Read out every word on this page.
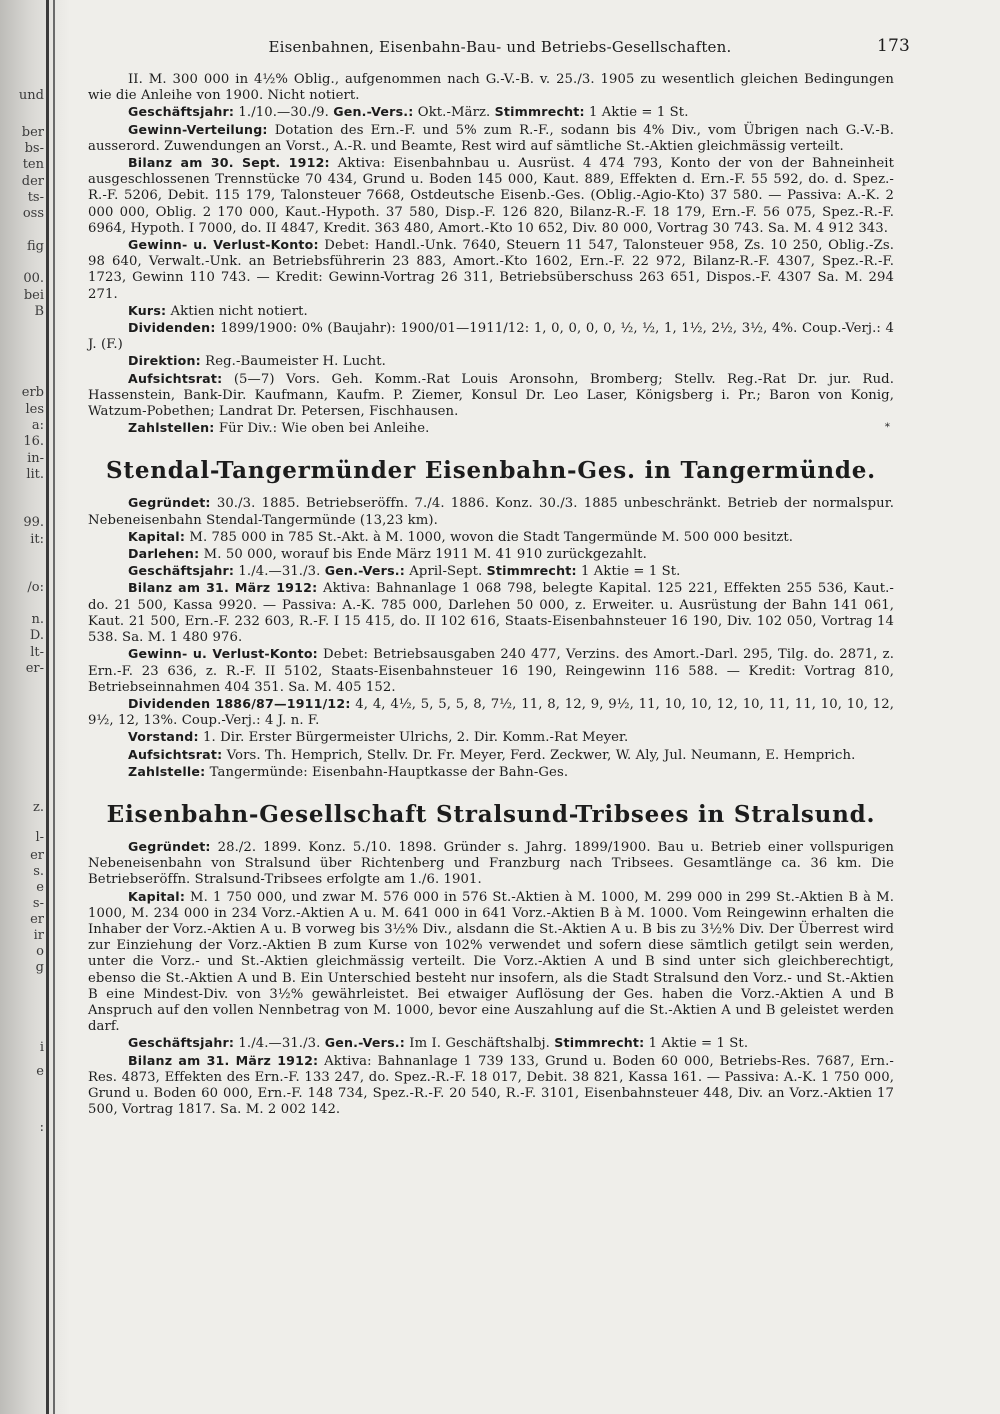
und
ber
bs-
ten
der
ts-
oss
fig
00.
bei
B
erb
les
a:
16.
in-
lit.
99.
it:
/o:
n.
D.
lt-
er-
z.
l-
er
s.
e
s-
er
ir
o
g
i
e
:
Eisenbahnen, Eisenbahn-Bau- und Betriebs-Gesellschaften.	173

II. M. 300 000 in 4½% Oblig., aufgenommen nach G.-V.-B. v. 25./3. 1905 zu wesentlich gleichen Bedingungen wie die Anleihe von 1900. Nicht notiert.

Geschäftsjahr: 1./10.—30./9. Gen.-Vers.: Okt.-März. Stimmrecht: 1 Aktie = 1 St.

Gewinn-Verteilung: Dotation des Ern.-F. und 5% zum R.-F., sodann bis 4% Div., vom Übrigen nach G.-V.-B. ausserord. Zuwendungen an Vorst., A.-R. und Beamte, Rest wird auf sämtliche St.-Aktien gleichmässig verteilt.

Bilanz am 30. Sept. 1912: Aktiva: Eisenbahnbau u. Ausrüst. 4 474 793, Konto der von der Bahneinheit ausgeschlossenen Trennstücke 70 434, Grund u. Boden 145 000, Kaut. 889, Effekten d. Ern.-F. 55 592, do. d. Spez.-R.-F. 5206, Debit. 115 179, Talonsteuer 7668, Ostdeutsche Eisenb.-Ges. (Oblig.-Agio-Kto) 37 580. — Passiva: A.-K. 2 000 000, Oblig. 2 170 000, Kaut.-Hypoth. 37 580, Disp.-F. 126 820, Bilanz-R.-F. 18 179, Ern.-F. 56 075, Spez.-R.-F. 6964, Hypoth. I 7000, do. II 4847, Kredit. 363 480, Amort.-Kto 10 652, Div. 80 000, Vortrag 30 743. Sa. M. 4 912 343.

Gewinn- u. Verlust-Konto: Debet: Handl.-Unk. 7640, Steuern 11 547, Talonsteuer 958, Zs. 10 250, Oblig.-Zs. 98 640, Verwalt.-Unk. an Betriebsführerin 23 883, Amort.-Kto 1602, Ern.-F. 22 972, Bilanz-R.-F. 4307, Spez.-R.-F. 1723, Gewinn 110 743. — Kredit: Gewinn-Vortrag 26 311, Betriebsüberschuss 263 651, Dispos.-F. 4307 Sa. M. 294 271.

Kurs: Aktien nicht notiert.

Dividenden: 1899/1900: 0% (Baujahr): 1900/01—1911/12: 1, 0, 0, 0, 0, ½, ½, 1, 1½, 2½, 3½, 4%. Coup.-Verj.: 4 J. (F.)

Direktion: Reg.-Baumeister H. Lucht.

Aufsichtsrat: (5—7) Vors. Geh. Komm.-Rat Louis Aronsohn, Bromberg; Stellv. Reg.-Rat Dr. jur. Rud. Hassenstein, Bank-Dir. Kaufmann, Kaufm. P. Ziemer, Konsul Dr. Leo Laser, Königsberg i. Pr.; Baron von Konig, Watzum-Pobethen; Landrat Dr. Petersen, Fischhausen.

Zahlstellen: Für Div.: Wie oben bei Anleihe.	*

Stendal-Tangermünder Eisenbahn-Ges. in Tangermünde.

Gegründet: 30./3. 1885. Betriebseröffn. 7./4. 1886. Konz. 30./3. 1885 unbeschränkt. Betrieb der normalspur. Nebeneisenbahn Stendal-Tangermünde (13,23 km).

Kapital: M. 785 000 in 785 St.-Akt. à M. 1000, wovon die Stadt Tangermünde M. 500 000 besitzt.

Darlehen: M. 50 000, worauf bis Ende März 1911 M. 41 910 zurückgezahlt.

Geschäftsjahr: 1./4.—31./3. Gen.-Vers.: April-Sept. Stimmrecht: 1 Aktie = 1 St.

Bilanz am 31. März 1912: Aktiva: Bahnanlage 1 068 798, belegte Kapital. 125 221, Effekten 255 536, Kaut.- do. 21 500, Kassa 9920. — Passiva: A.-K. 785 000, Darlehen 50 000, z. Erweiter. u. Ausrüstung der Bahn 141 061, Kaut. 21 500, Ern.-F. 232 603, R.-F. I 15 415, do. II 102 616, Staats-Eisenbahnsteuer 16 190, Div. 102 050, Vortrag 14 538. Sa. M. 1 480 976.

Gewinn- u. Verlust-Konto: Debet: Betriebsausgaben 240 477, Verzins. des Amort.-Darl. 295, Tilg. do. 2871, z. Ern.-F. 23 636, z. R.-F. II 5102, Staats-Eisenbahnsteuer 16 190, Reingewinn 116 588. — Kredit: Vortrag 810, Betriebseinnahmen 404 351. Sa. M. 405 152.

Dividenden 1886/87—1911/12: 4, 4, 4½, 5, 5, 5, 8, 7½, 11, 8, 12, 9, 9½, 11, 10, 10, 12, 10, 11, 11, 10, 10, 12, 9½, 12, 13%. Coup.-Verj.: 4 J. n. F.

Vorstand: 1. Dir. Erster Bürgermeister Ulrichs, 2. Dir. Komm.-Rat Meyer.

Aufsichtsrat: Vors. Th. Hemprich, Stellv. Dr. Fr. Meyer, Ferd. Zeckwer, W. Aly, Jul. Neumann, E. Hemprich.

Zahlstelle: Tangermünde: Eisenbahn-Hauptkasse der Bahn-Ges.

Eisenbahn-Gesellschaft Stralsund-Tribsees in Stralsund.

Gegründet: 28./2. 1899. Konz. 5./10. 1898. Gründer s. Jahrg. 1899/1900. Bau u. Betrieb einer vollspurigen Nebeneisenbahn von Stralsund über Richtenberg und Franzburg nach Tribsees. Gesamtlänge ca. 36 km. Die Betriebseröffn. Stralsund-Tribsees erfolgte am 1./6. 1901.

Kapital: M. 1 750 000, und zwar M. 576 000 in 576 St.-Aktien à M. 1000, M. 299 000 in 299 St.-Aktien B à M. 1000, M. 234 000 in 234 Vorz.-Aktien A u. M. 641 000 in 641 Vorz.-Aktien B à M. 1000. Vom Reingewinn erhalten die Inhaber der Vorz.-Aktien A u. B vorweg bis 3½% Div., alsdann die St.-Aktien A u. B bis zu 3½% Div. Der Überrest wird zur Einziehung der Vorz.-Aktien B zum Kurse von 102% verwendet und sofern diese sämtlich getilgt sein werden, unter die Vorz.- und St.-Aktien gleichmässig verteilt. Die Vorz.-Aktien A und B sind unter sich gleichberechtigt, ebenso die St.-Aktien A und B. Ein Unterschied besteht nur insofern, als die Stadt Stralsund den Vorz.- und St.-Aktien B eine Mindest-Div. von 3½% gewährleistet. Bei etwaiger Auflösung der Ges. haben die Vorz.-Aktien A und B Anspruch auf den vollen Nennbetrag von M. 1000, bevor eine Auszahlung auf die St.-Aktien A und B geleistet werden darf.

Geschäftsjahr: 1./4.—31./3. Gen.-Vers.: Im I. Geschäftshalbj. Stimmrecht: 1 Aktie = 1 St.

Bilanz am 31. März 1912: Aktiva: Bahnanlage 1 739 133, Grund u. Boden 60 000, Betriebs-Res. 7687, Ern.-Res. 4873, Effekten des Ern.-F. 133 247, do. Spez.-R.-F. 18 017, Debit. 38 821, Kassa 161. — Passiva: A.-K. 1 750 000, Grund u. Boden 60 000, Ern.-F. 148 734, Spez.-R.-F. 20 540, R.-F. 3101, Eisenbahnsteuer 448, Div. an Vorz.-Aktien 17 500, Vortrag 1817. Sa. M. 2 002 142.
